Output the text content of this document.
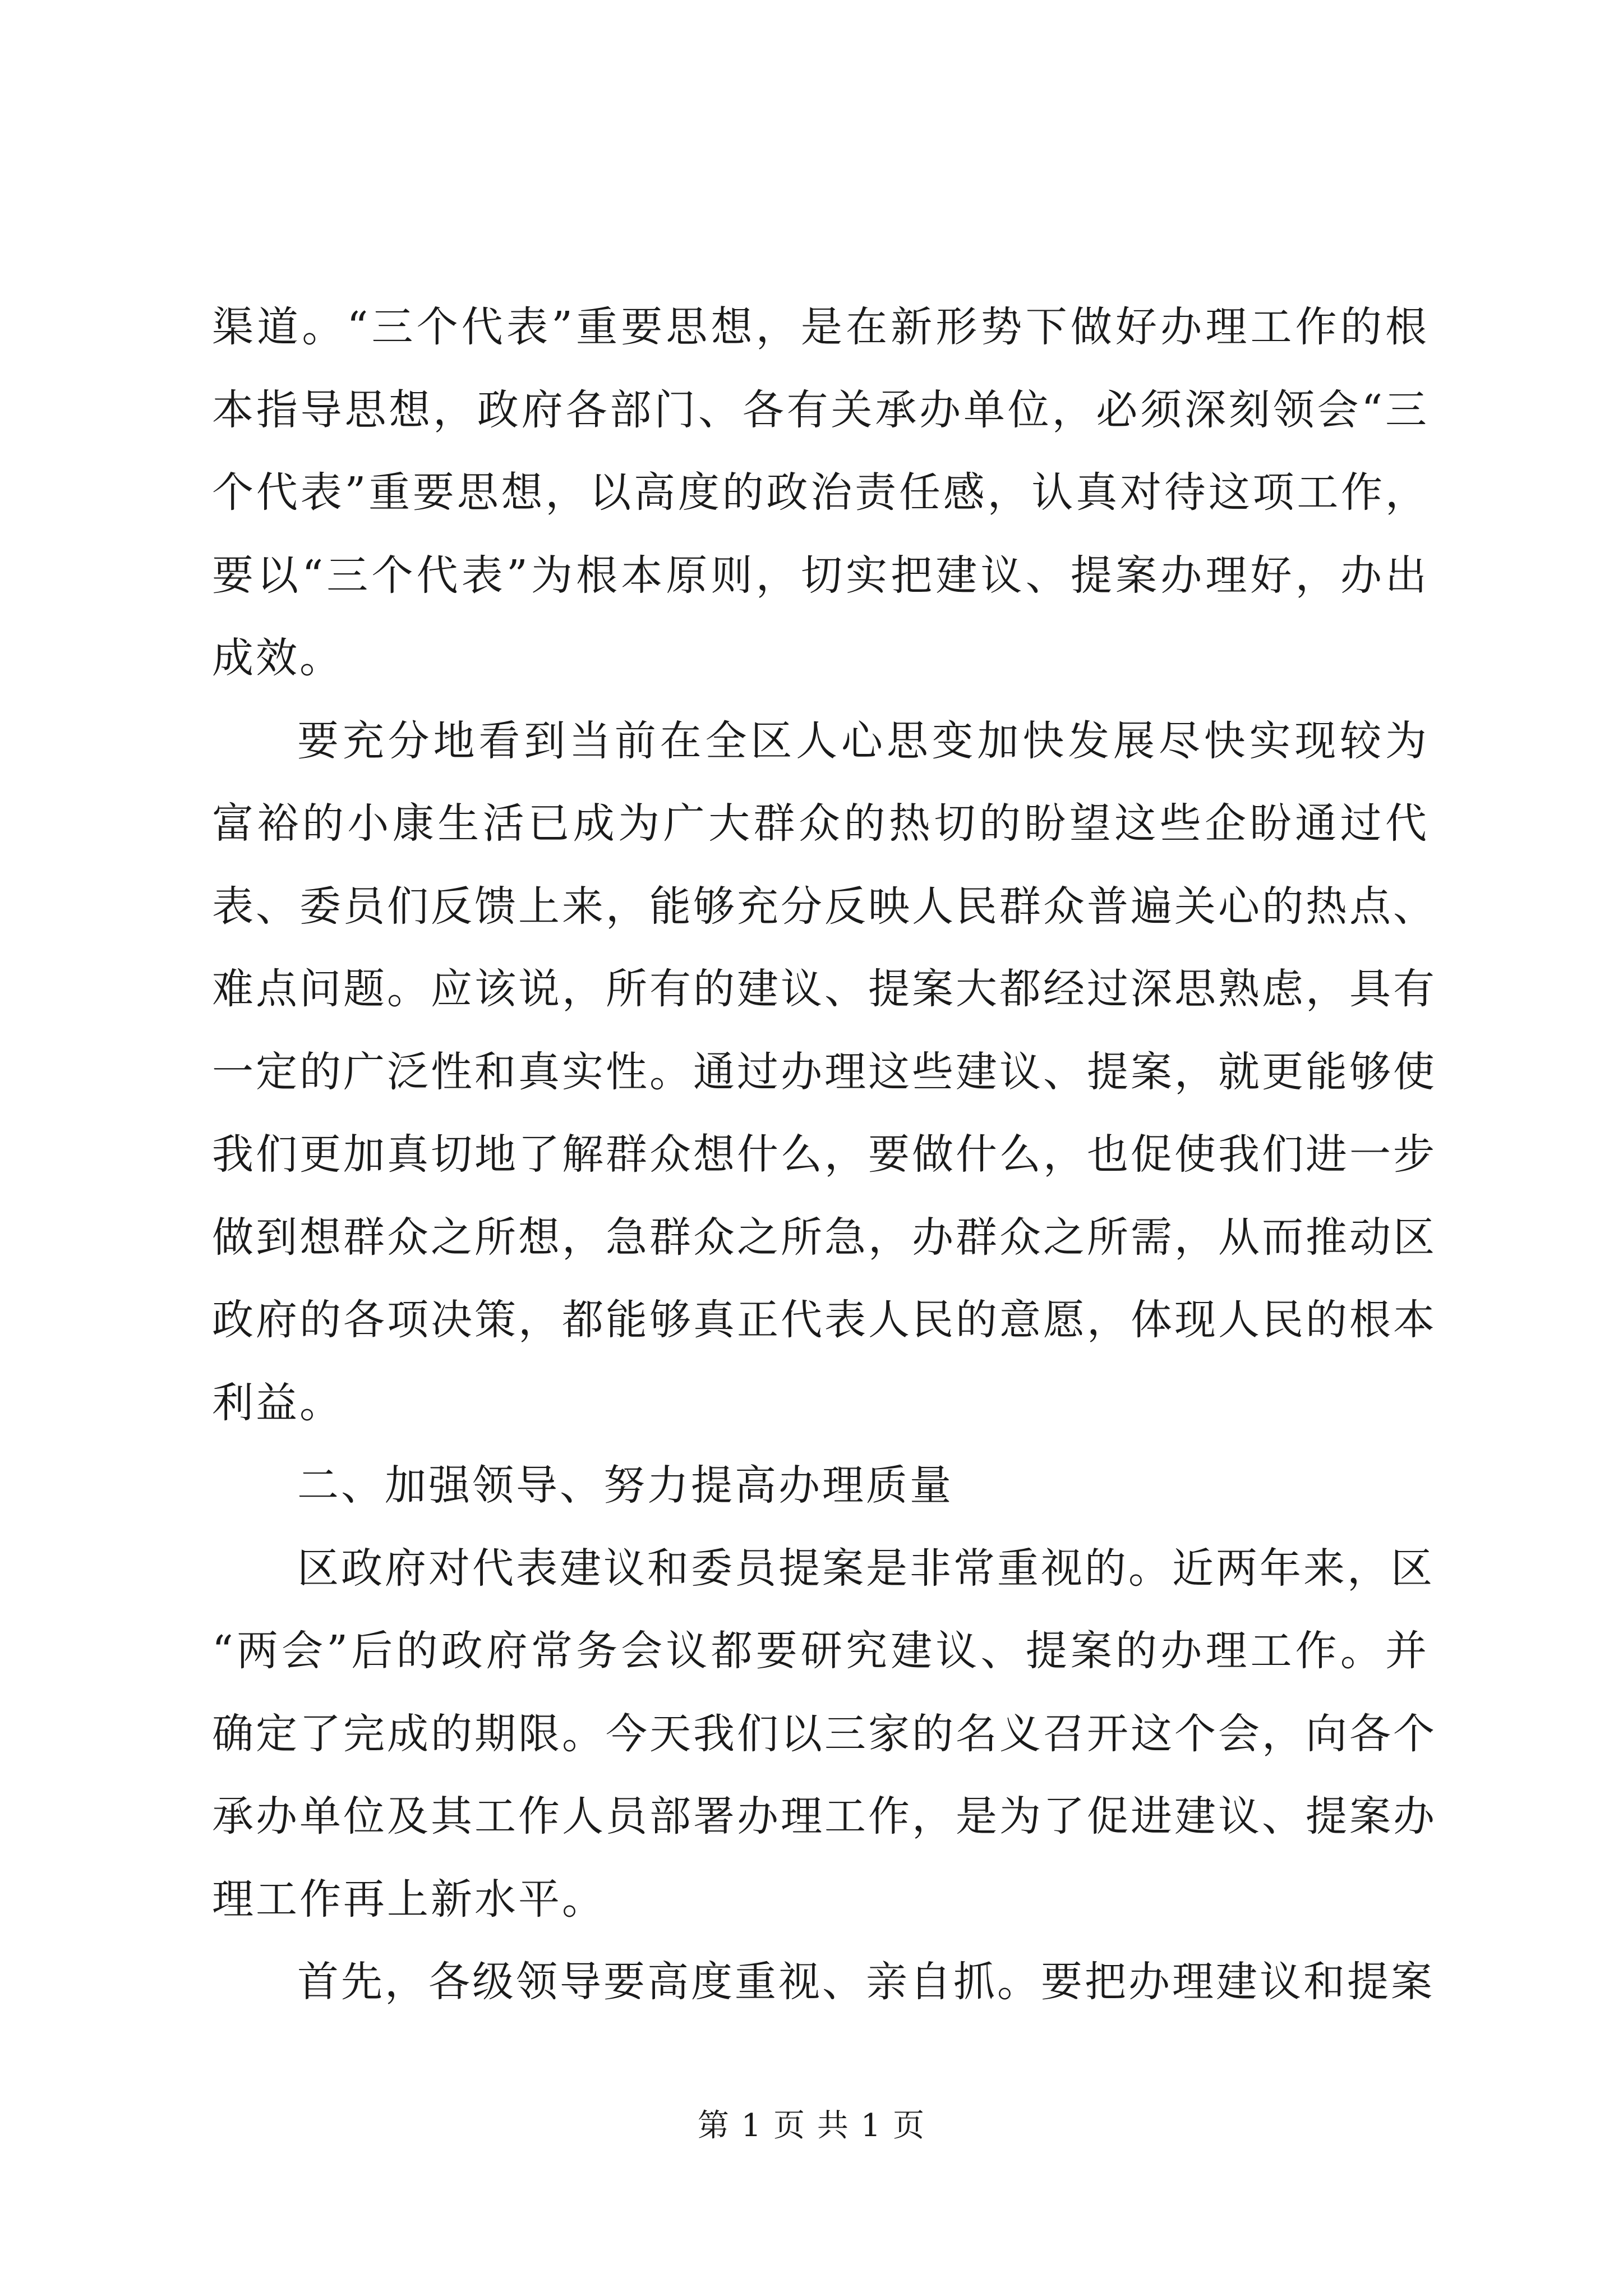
渠道。“三个代表”重要思想，是在新形势下做好办理工作的根
本指导思想，政府各部门、各有关承办单位，必须深刻领会“三
个代表”重要思想，以高度的政治责任感，认真对待这项工作，
要以“三个代表”为根本原则，切实把建议、提案办理好，办出
成效。
要充分地看到当前在全区人心思变加快发展尽快实现较为
富裕的小康生活已成为广大群众的热切的盼望这些企盼通过代
表、委员们反馈上来，能够充分反映人民群众普遍关心的热点、
难点问题。应该说，所有的建议、提案大都经过深思熟虑，具有
一定的广泛性和真实性。通过办理这些建议、提案，就更能够使
我们更加真切地了解群众想什么，要做什么，也促使我们进一步
做到想群众之所想，急群众之所急，办群众之所需，从而推动区
政府的各项决策，都能够真正代表人民的意愿，体现人民的根本
利益。
二、加强领导、努力提高办理质量
区政府对代表建议和委员提案是非常重视的。近两年来，区
“两会”后的政府常务会议都要研究建议、提案的办理工作。并
确定了完成的期限。今天我们以三家的名义召开这个会，向各个
承办单位及其工作人员部署办理工作，是为了促进建议、提案办
理工作再上新水平。
首先，各级领导要高度重视、亲自抓。要把办理建议和提案
第 1 页 共 1 页
